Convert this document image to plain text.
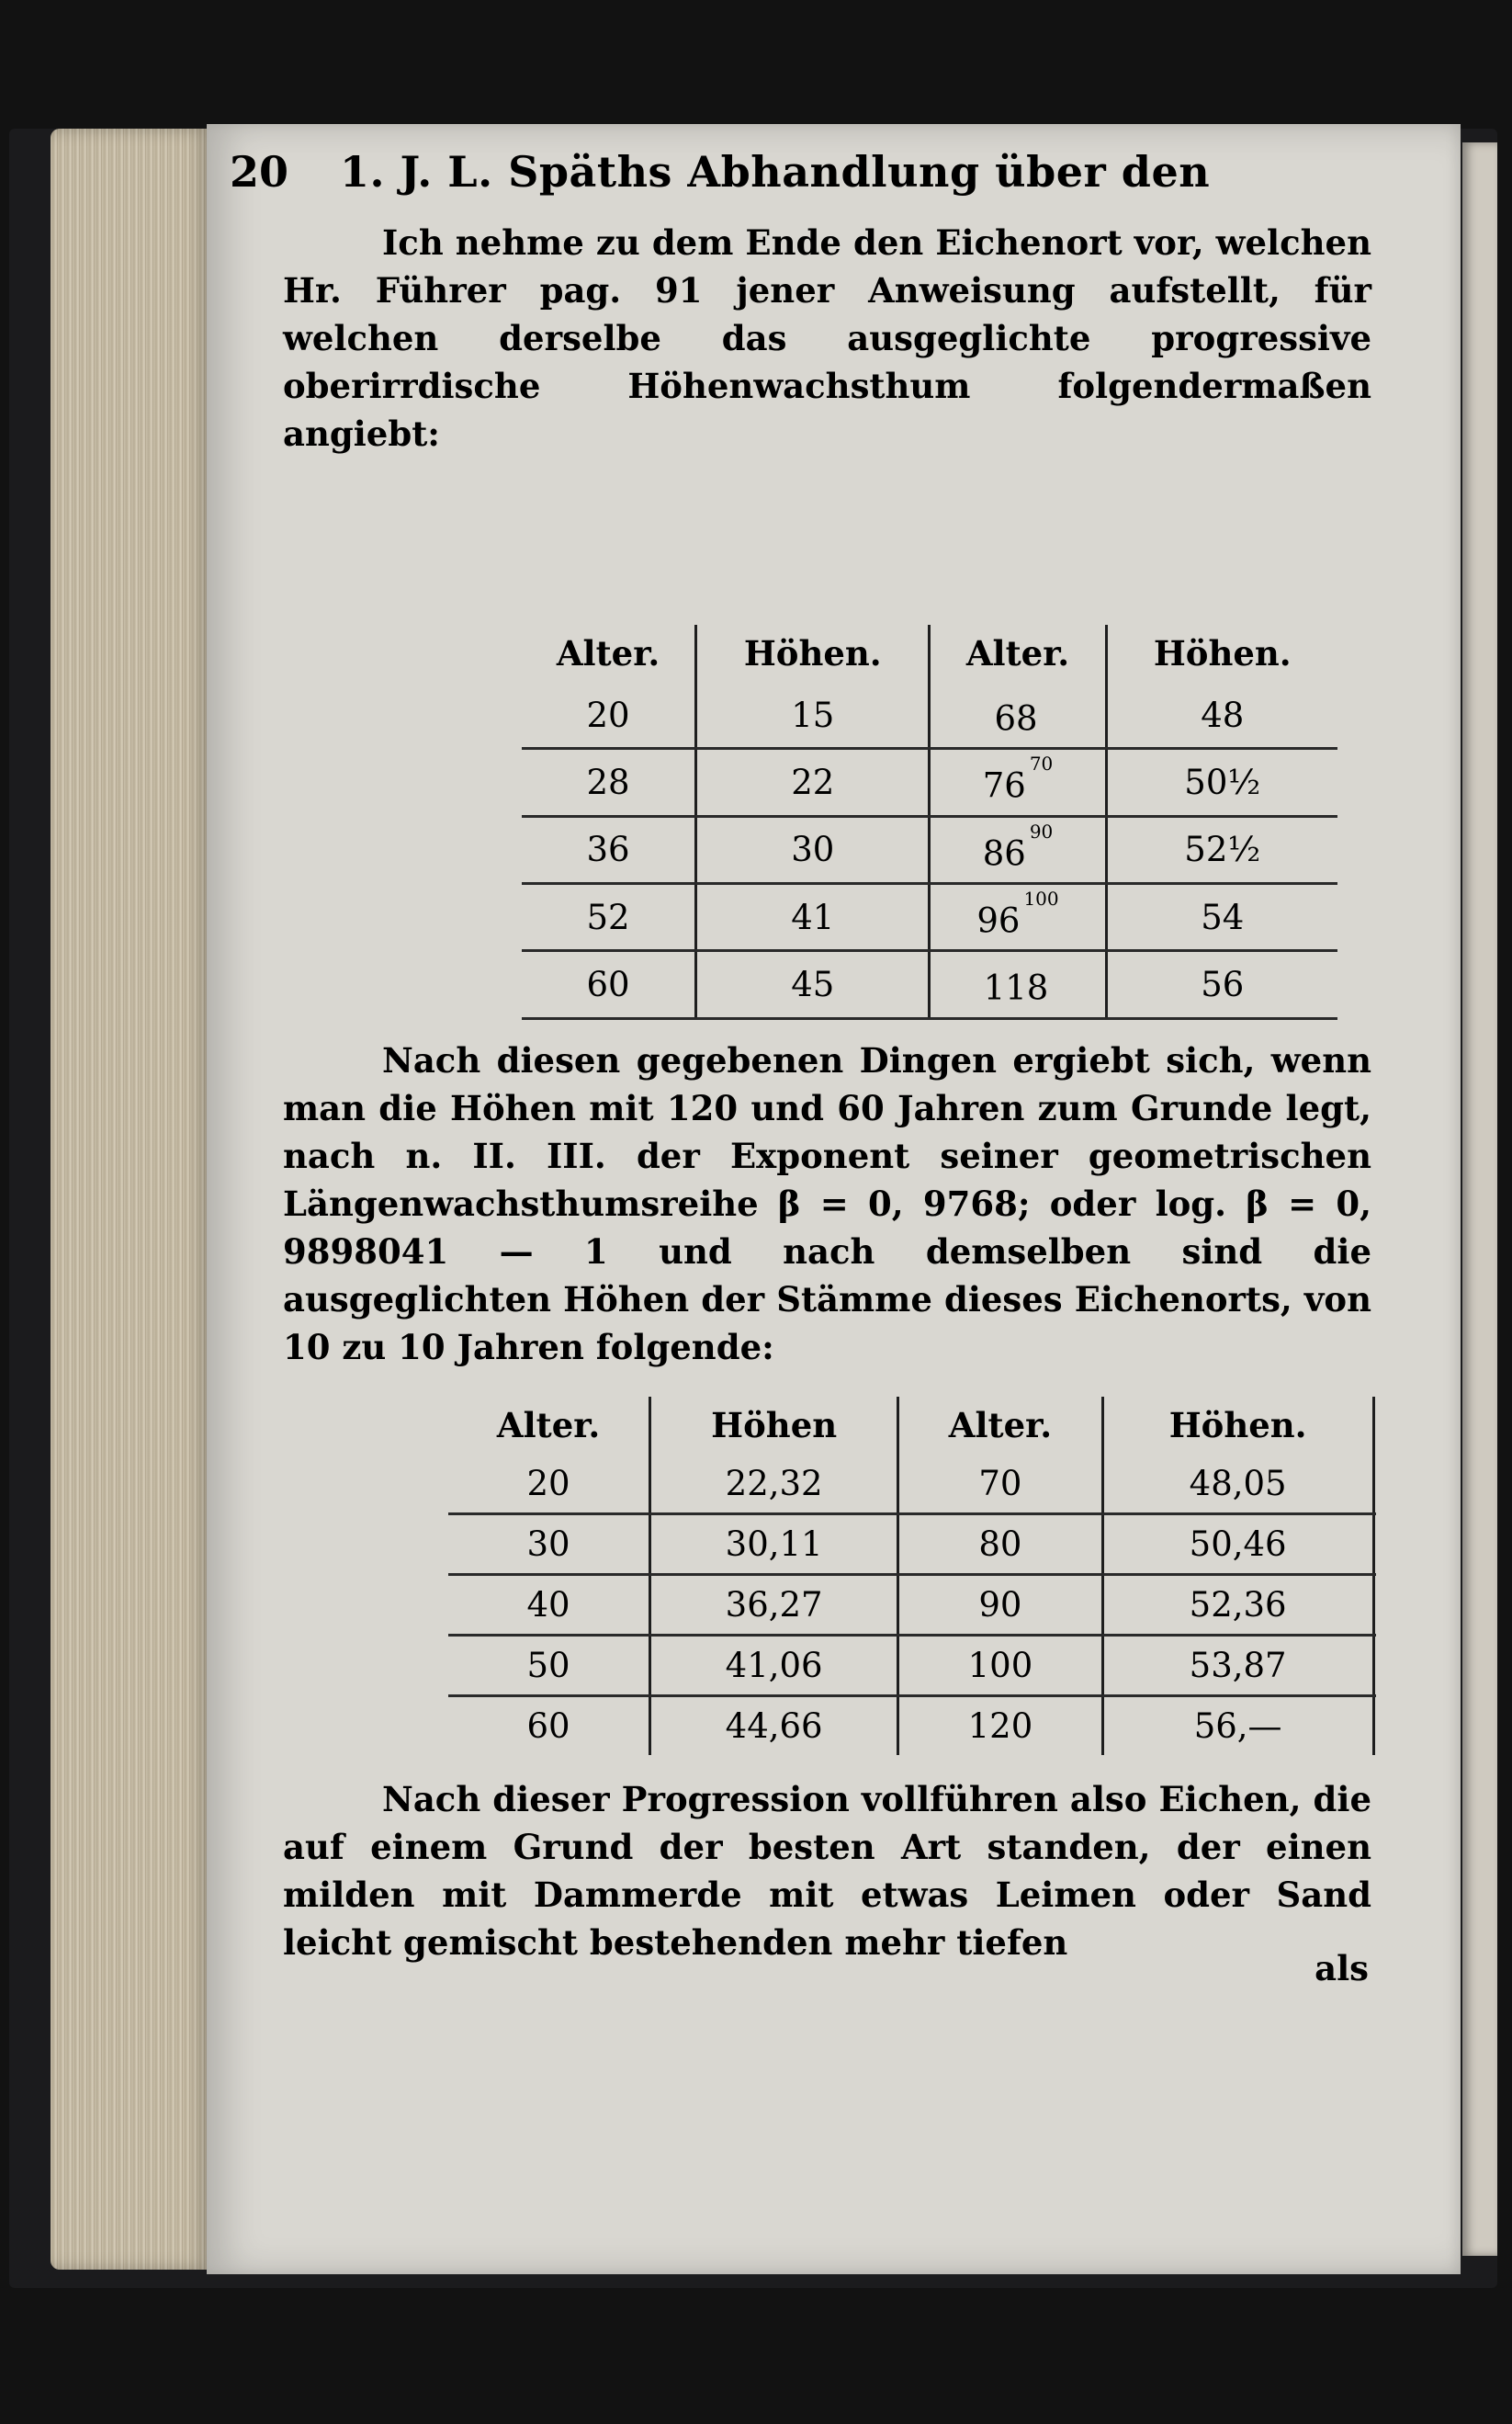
20 1. J. L. Späths Abhandlung über den

Ich nehme zu dem Ende den Eichenort vor, welchen Hr. Führer pag. 91 jener Anweisung aufstellt, für welchen derselbe das ausgeglichte progressive oberirrdische Höhenwachsthum folgendermaßen angiebt:

Alter.	Höhen.	Alter.	Höhen.
20	15	68	48
28	22	$76^{70}$	50½
36	30	$86^{90}$	52½
52	41	$96^{100}$	54
60	45	118	56

Nach diesen gegebenen Dingen ergiebt sich, wenn man die Höhen mit 120 und 60 Jahren zum Grunde legt, nach n. II. III. der Exponent seiner geometrischen Längenwachsthumsreihe β = 0, 9768; oder log. β = 0, 9898041 — 1 und nach demselben sind die ausgeglichten Höhen der Stämme dieses Eichenorts, von 10 zu 10 Jahren folgende:

Alter.	Höhen	Alter.	Höhen.	
20	22,32	70	48,05	
30	30,11	80	50,46	
40	36,27	90	52,36	
50	41,06	100	53,87	
60	44,66	120	56,—	

Nach dieser Progression vollführen also Eichen, die auf einem Grund der besten Art standen, der einen milden mit Dammerde mit etwas Leimen oder Sand leicht gemischt bestehenden mehr tiefen

als
